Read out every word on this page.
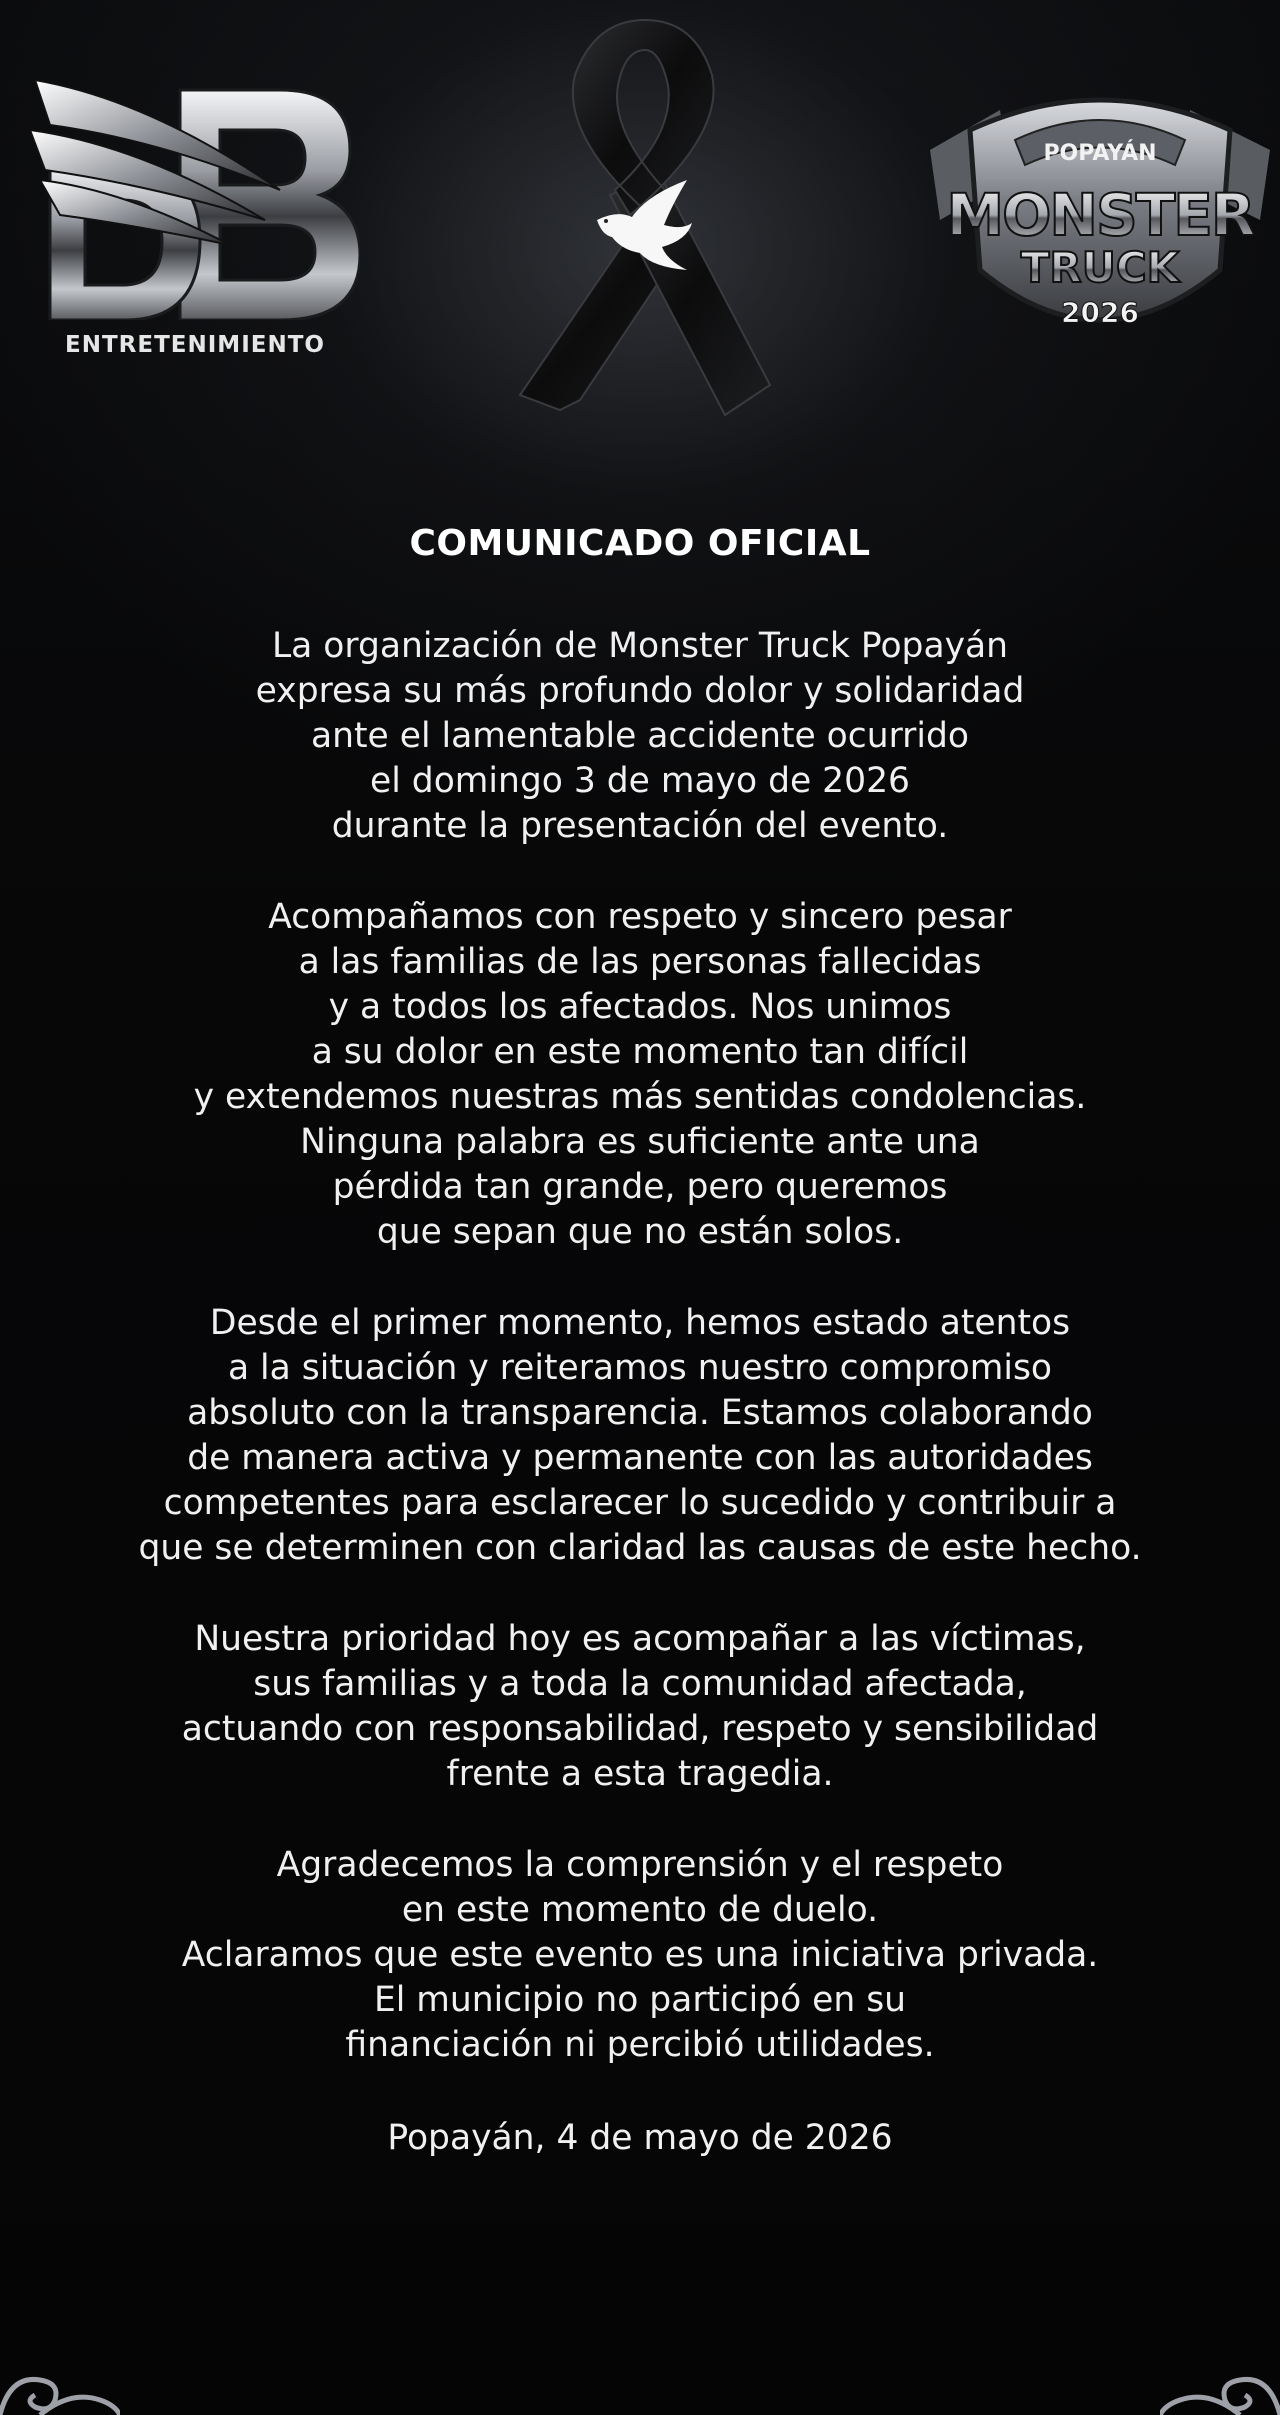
ENTRETENIMIENTO
POPAYÁN
MONSTER
TRUCK
2026
COMUNICADO OFICIAL

La organización de Monster Truck Popayán
expresa su más profundo dolor y solidaridad
ante el lamentable accidente ocurrido
el domingo 3 de mayo de 2026
durante la presentación del evento.

Acompañamos con respeto y sincero pesar
a las familias de las personas fallecidas
y a todos los afectados. Nos unimos
a su dolor en este momento tan difícil
y extendemos nuestras más sentidas condolencias.
Ninguna palabra es suficiente ante una
pérdida tan grande, pero queremos
que sepan que no están solos.

Desde el primer momento, hemos estado atentos
a la situación y reiteramos nuestro compromiso
absoluto con la transparencia. Estamos colaborando
de manera activa y permanente con las autoridades
competentes para esclarecer lo sucedido y contribuir a
que se determinen con claridad las causas de este hecho.

Nuestra prioridad hoy es acompañar a las víctimas,
sus familias y a toda la comunidad afectada,
actuando con responsabilidad, respeto y sensibilidad
frente a esta tragedia.

Agradecemos la comprensión y el respeto
en este momento de duelo.
Aclaramos que este evento es una iniciativa privada.
El municipio no participó en su
financiación ni percibió utilidades.

Popayán, 4 de mayo de 2026
